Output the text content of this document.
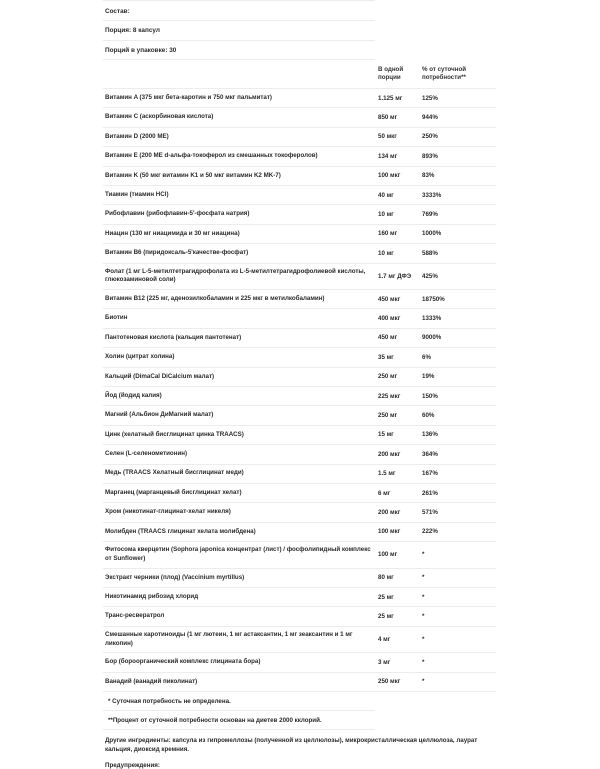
Состав:
Порция: 8 капсул
Порций в упаковке: 30
В одной порции
% от суточной потребности**
Витамин A (375 мкг бета-каротин и 750 мкг пальмитат)	1.125 мг	125%
Витамин C (аскорбиновая кислота)	850 мг	944%
Витамин D (2000 МЕ)	50 мкг	250%
Витамин E (200 МЕ d-альфа-токоферол из смешанных токоферолов)	134 мг	893%
Витамин K (50 мкг витамин K1 и 50 мкг витамин K2 MK-7)	100 мкг	83%
Тиамин (тиамин HCl)	40 мг	3333%
Рибофлавин (рибофлавин-5'-фосфата натрия)	10 мг	769%
Ниацин (130 мг ниацимида и 30 мг ниацина)	160 мг	1000%
Витамин B6 (пиридоксаль-5'качестве-фосфат)	10 мг	588%
Фолат (1 мг L-5-метилтетрагидрофолата из L-5-метилтетрагидрофолиевой кислоты, глюкозаминовой соли)	1.7 мг ДФЭ	425%
Витамин B12 (225 мг, аденозилкобаламин и 225 мкг в метилкобаламин)	450 мкг	18750%
Биотин	400 мкг	1333%
Пантотеновая кислота (кальция пантотенат)	450 мг	9000%
Холин (цитрат холина)	35 мг	6%
Кальций (DimaCal DiCalcium малат)	250 мг	19%
Йод (йодид калия)	225 мкг	150%
Магний (Альбион ДиМагний малат)	250 мг	60%
Цинк (хелатный бисглицинат цинка TRAACS)	15 мг	136%
Селен (L-селенометионин)	200 мкг	364%
Медь (TRAACS Хелатный бисглицинат меди)	1.5 мг	167%
Марганец (марганцевый бисглицинат хелат)	6 мг	261%
Хром (никотинат-глицинат-хелат никеля)	200 мкг	571%
Молибден (TRAACS глицинат хелата молибдена)	100 мкг	222%
Фитосома кверцетин (Sophora japonica концентрат (лист) / фосфолипидный комплекс от Sunflower)	100 мг	*
Экстракт черники (плод) (Vaccinium myrtillus)	80 мг	*
Никотинамид рибозид хлорид	25 мг	*
Транс-ресвератрол	25 мг	*
Смешанные каротиноиды (1 мг лютеин, 1 мг астаксантин, 1 мг зеаксантин и 1 мг ликопин)	4 мг	*
Бор (бороорганический комплекс глицината бора)	3 мг	*
Ванадий (ванадий пиколинат)	250 мкг	*
* Суточная потребность не определена.
**Процент от суточной потребности основан на диетев 2000 кклорий.
Другие ингредиенты: капсула из гипромеллозы (полученной из целлюлозы), микрокристаллическая целлюлоза, лаурат кальция, диоксид кремния.
Предупреждения:
